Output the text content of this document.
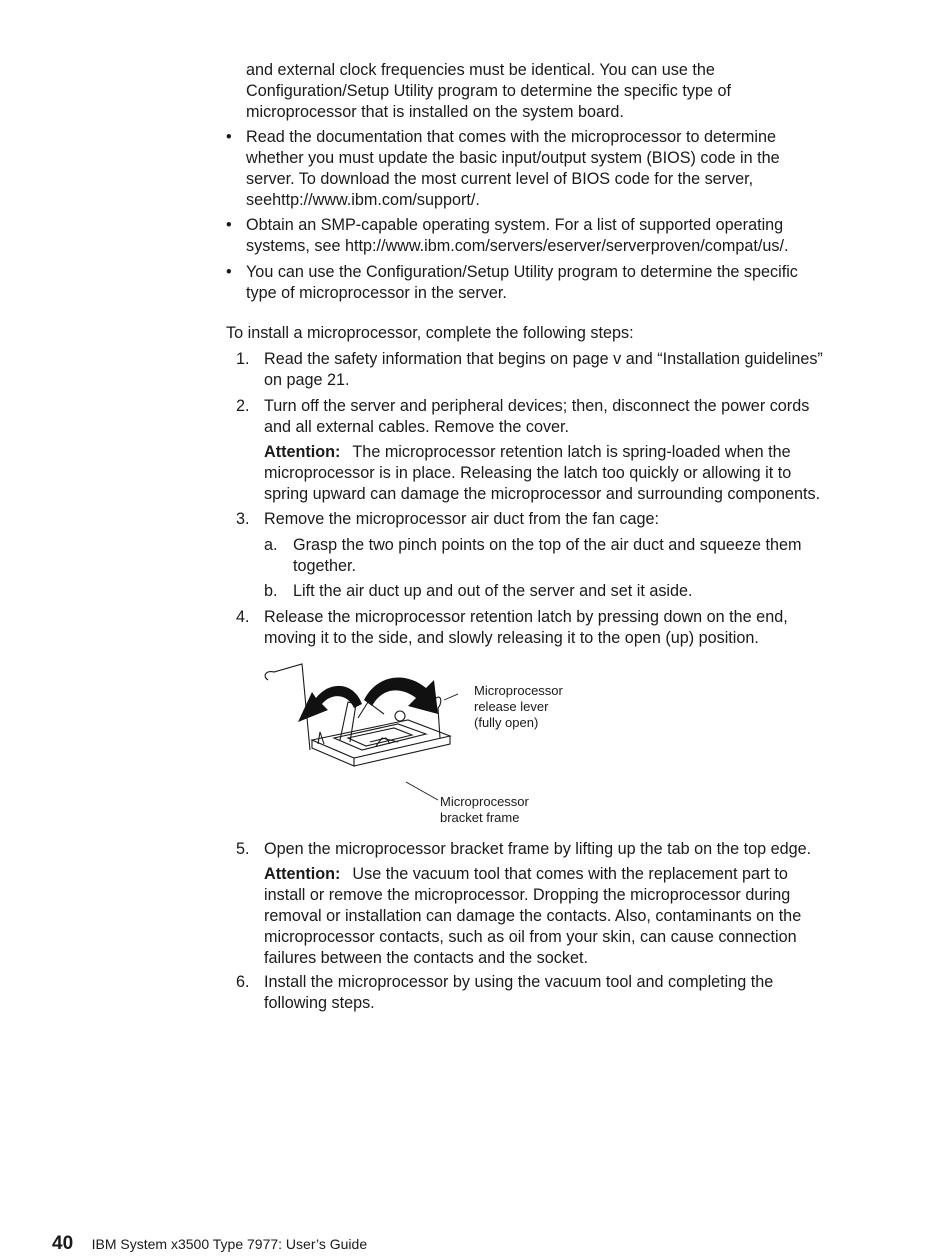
and external clock frequencies must be identical. You can use the
Configuration/Setup Utility program to determine the specific type of
microprocessor that is installed on the system board.
• Read the documentation that comes with the microprocessor to determine
whether you must update the basic input/output system (BIOS) code in the
server. To download the most current level of BIOS code for the server,
seehttp://www.ibm.com/support/.
• Obtain an SMP-capable operating system. For a list of supported operating
systems, see http://www.ibm.com/servers/eserver/serverproven/compat/us/.
• You can use the Configuration/Setup Utility program to determine the specific
type of microprocessor in the server.
To install a microprocessor, complete the following steps:
1. Read the safety information that begins on page v and “Installation guidelines”
on page 21.
2. Turn off the server and peripheral devices; then, disconnect the power cords
and all external cables. Remove the cover.
Attention: The microprocessor retention latch is spring-loaded when the
microprocessor is in place. Releasing the latch too quickly or allowing it to
spring upward can damage the microprocessor and surrounding components.
3. Remove the microprocessor air duct from the fan cage:
a. Grasp the two pinch points on the top of the air duct and squeeze them
together.
b. Lift the air duct up and out of the server and set it aside.
4. Release the microprocessor retention latch by pressing down on the end,
moving it to the side, and slowly releasing it to the open (up) position.
Microprocessor
release lever
(fully open)
Microprocessor
bracket frame
5. Open the microprocessor bracket frame by lifting up the tab on the top edge.
Attention: Use the vacuum tool that comes with the replacement part to
install or remove the microprocessor. Dropping the microprocessor during
removal or installation can damage the contacts. Also, contaminants on the
microprocessor contacts, such as oil from your skin, can cause connection
failures between the contacts and the socket.
6. Install the microprocessor by using the vacuum tool and completing the
following steps.
40 IBM System x3500 Type 7977: User’s Guide
